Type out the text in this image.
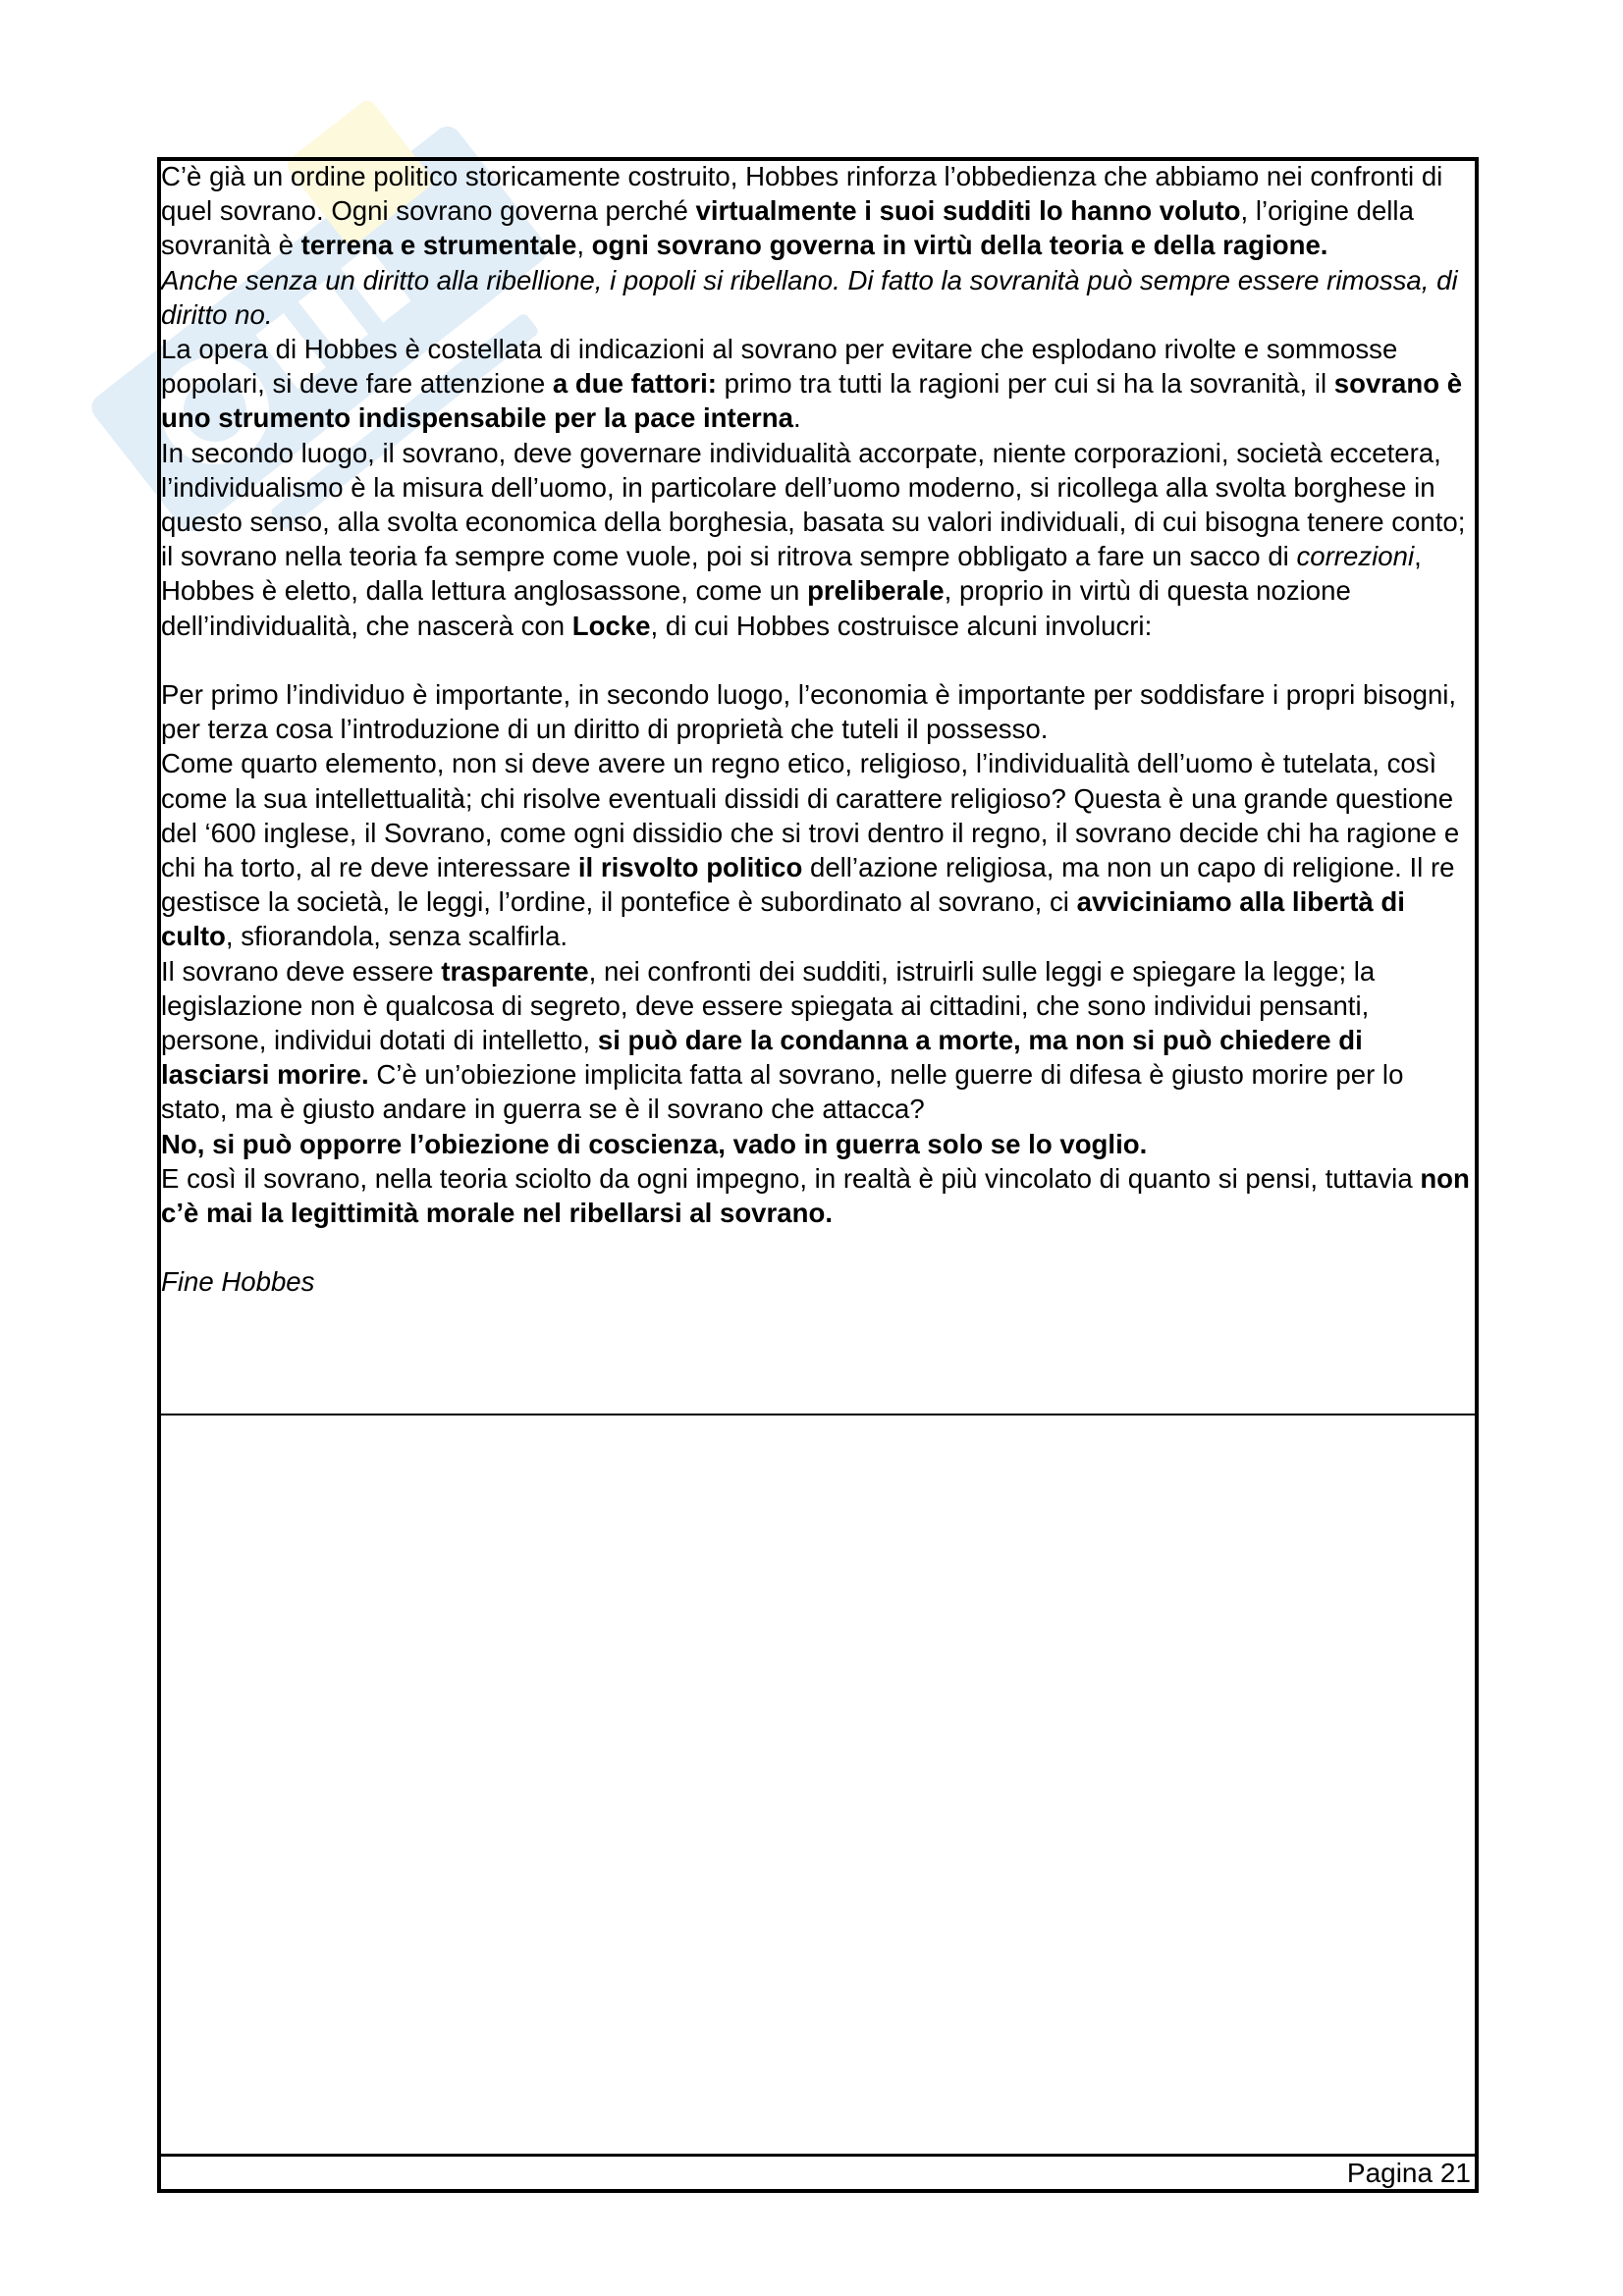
C’è già un ordine politico storicamente costruito, Hobbes rinforza l’obbedienza che abbiamo nei confronti di quel sovrano. Ogni sovrano governa perché virtualmente i suoi sudditi lo hanno voluto, l’origine della sovranità è terrena e strumentale, ogni sovrano governa in virtù della teoria e della ragione.

Anche senza un diritto alla ribellione, i popoli si ribellano. Di fatto la sovranità può sempre essere rimossa, di diritto no.

La opera di Hobbes è costellata di indicazioni al sovrano per evitare che esplodano rivolte e sommosse popolari, si deve fare attenzione a due fattori: primo tra tutti la ragioni per cui si ha la sovranità, il sovrano è uno strumento indispensabile per la pace interna.

In secondo luogo, il sovrano, deve governare individualità accorpate, niente corporazioni, società eccetera, l’individualismo è la misura dell’uomo, in particolare dell’uomo moderno, si ricollega alla svolta borghese in questo senso, alla svolta economica della borghesia, basata su valori individuali, di cui bisogna tenere conto; il sovrano nella teoria fa sempre come vuole, poi si ritrova sempre obbligato a fare un sacco di correzioni, Hobbes è eletto, dalla lettura anglosassone, come un preliberale, proprio in virtù di questa nozione dell’individualità, che nascerà con Locke, di cui Hobbes costruisce alcuni involucri:

Per primo l’individuo è importante, in secondo luogo, l’economia è importante per soddisfare i propri bisogni, per terza cosa l’introduzione di un diritto di proprietà che tuteli il possesso.

Come quarto elemento, non si deve avere un regno etico, religioso, l’individualità dell’uomo è tutelata, così come la sua intellettualità; chi risolve eventuali dissidi di carattere religioso? Questa è una grande questione del ‘600 inglese, il Sovrano, come ogni dissidio che si trovi dentro il regno, il sovrano decide chi ha ragione e chi ha torto, al re deve interessare il risvolto politico dell’azione religiosa, ma non un capo di religione. Il re gestisce la società, le leggi, l’ordine, il pontefice è subordinato al sovrano, ci avviciniamo alla libertà di culto, sfiorandola, senza scalfirla.

Il sovrano deve essere trasparente, nei confronti dei sudditi, istruirli sulle leggi e spiegare la legge; la legislazione non è qualcosa di segreto, deve essere spiegata ai cittadini, che sono individui pensanti, persone, individui dotati di intelletto, si può dare la condanna a morte, ma non si può chiedere di lasciarsi morire. C’è un’obiezione implicita fatta al sovrano, nelle guerre di difesa è giusto morire per lo stato, ma è giusto andare in guerra se è il sovrano che attacca?

No, si può opporre l’obiezione di coscienza, vado in guerra solo se lo voglio.

E così il sovrano, nella teoria sciolto da ogni impegno, in realtà è più vincolato di quanto si pensi, tuttavia non c’è mai la legittimità morale nel ribellarsi al sovrano.

Fine Hobbes

Pagina 21
